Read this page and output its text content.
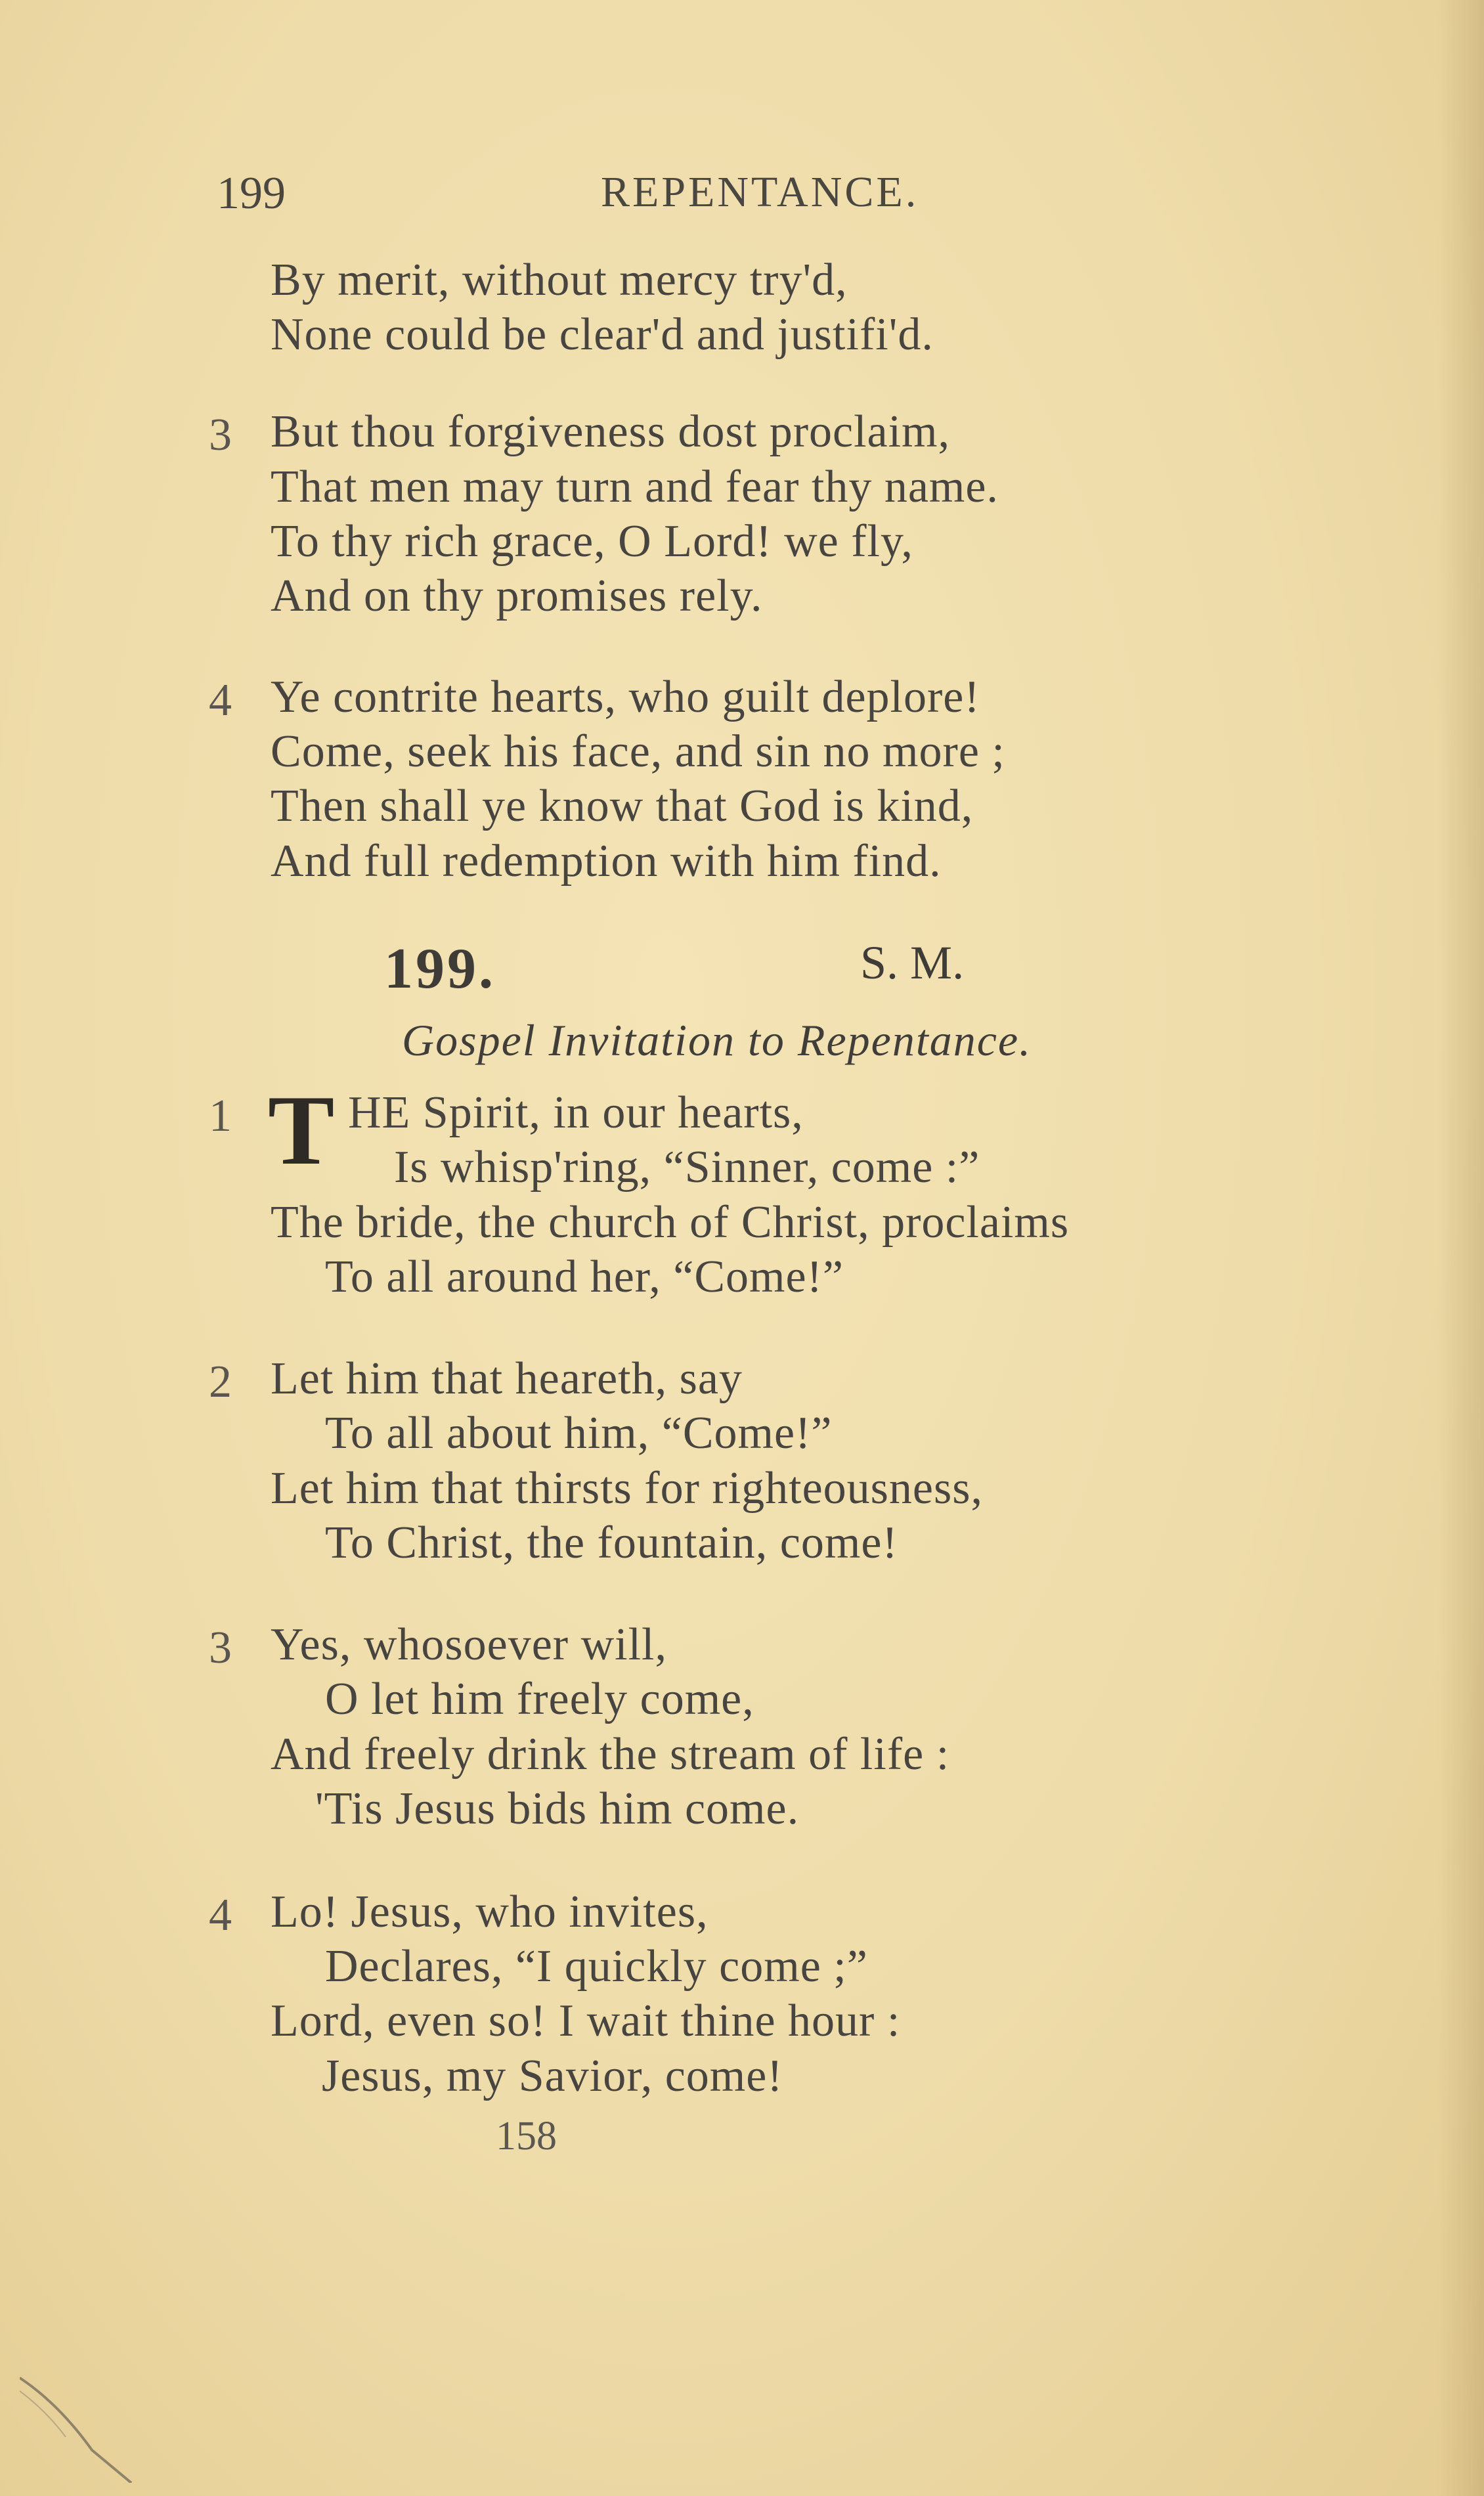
199	REPENTANCE.
By merit, without mercy try'd,
None could be clear'd and justifi'd.
3 But thou forgiveness dost proclaim,
That men may turn and fear thy name.
To thy rich grace, O Lord! we fly,
And on thy promises rely.
4 Ye contrite hearts, who guilt deplore!
Come, seek his face, and sin no more ;
Then shall ye know that God is kind,
And full redemption with him find.
199.	S. M.
Gospel Invitation to Repentance.
1 T HE Spirit, in our hearts,
Is whisp'ring, “Sinner, come :”
The bride, the church of Christ, proclaims
To all around her, “Come!”
2 Let him that heareth, say
To all about him, “Come!”
Let him that thirsts for righteousness,
To Christ, the fountain, come!
3 Yes, whosoever will,
O let him freely come,
And freely drink the stream of life :
'Tis Jesus bids him come.
4 Lo! Jesus, who invites,
Declares, “I quickly come ;”
Lord, even so! I wait thine hour :
Jesus, my Savior, come!
158
